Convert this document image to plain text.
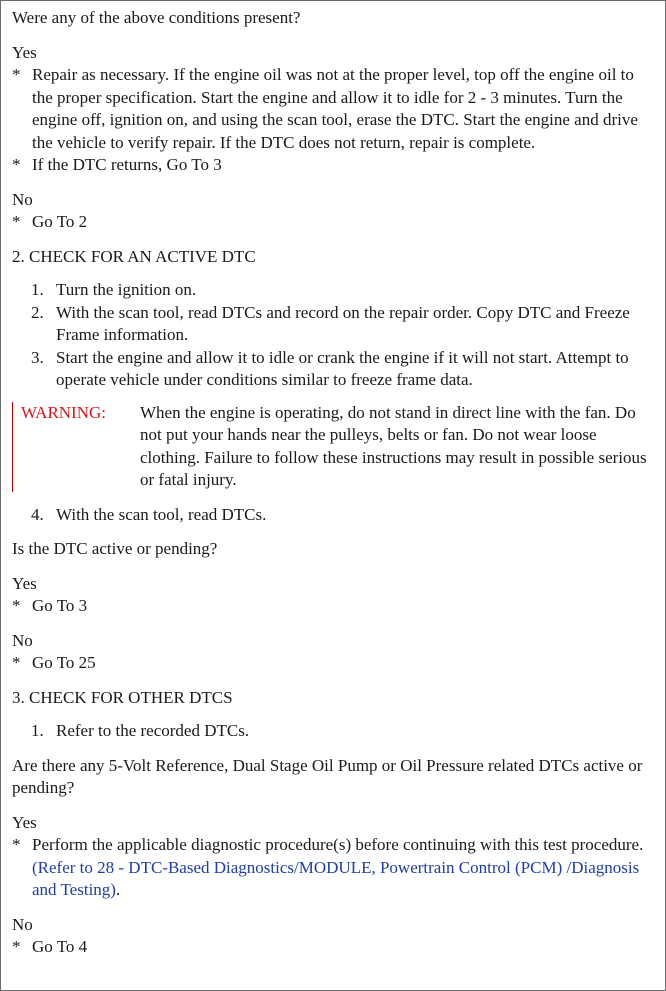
Were any of the above conditions present?

Yes

* Repair as necessary. If the engine oil was not at the proper level, top off the engine oil to the proper specification. Start the engine and allow it to idle for 2 - 3 minutes. Turn the engine off, ignition on, and using the scan tool, erase the DTC. Start the engine and drive the vehicle to verify repair. If the DTC does not return, repair is complete.
* If the DTC returns, Go To 3

No

* Go To 2

2. CHECK FOR AN ACTIVE DTC

1. Turn the ignition on.
2. With the scan tool, read DTCs and record on the repair order. Copy DTC and Freeze Frame information.
3. Start the engine and allow it to idle or crank the engine if it will not start. Attempt to operate vehicle under conditions similar to freeze frame data.
WARNING:	When the engine is operating, do not stand in direct line with the fan. Do not put your hands near the pulleys, belts or fan. Do not wear loose clothing. Failure to follow these instructions may result in possible serious or fatal injury.
4. With the scan tool, read DTCs.

Is the DTC active or pending?

Yes

* Go To 3

No

* Go To 25

3. CHECK FOR OTHER DTCS

1. Refer to the recorded DTCs.

Are there any 5-Volt Reference, Dual Stage Oil Pump or Oil Pressure related DTCs active or pending?

Yes

* Perform the applicable diagnostic procedure(s) before continuing with this test procedure. (Refer to 28 - DTC-Based Diagnostics/MODULE, Powertrain Control (PCM) /Diagnosis and Testing).

No

* Go To 4
